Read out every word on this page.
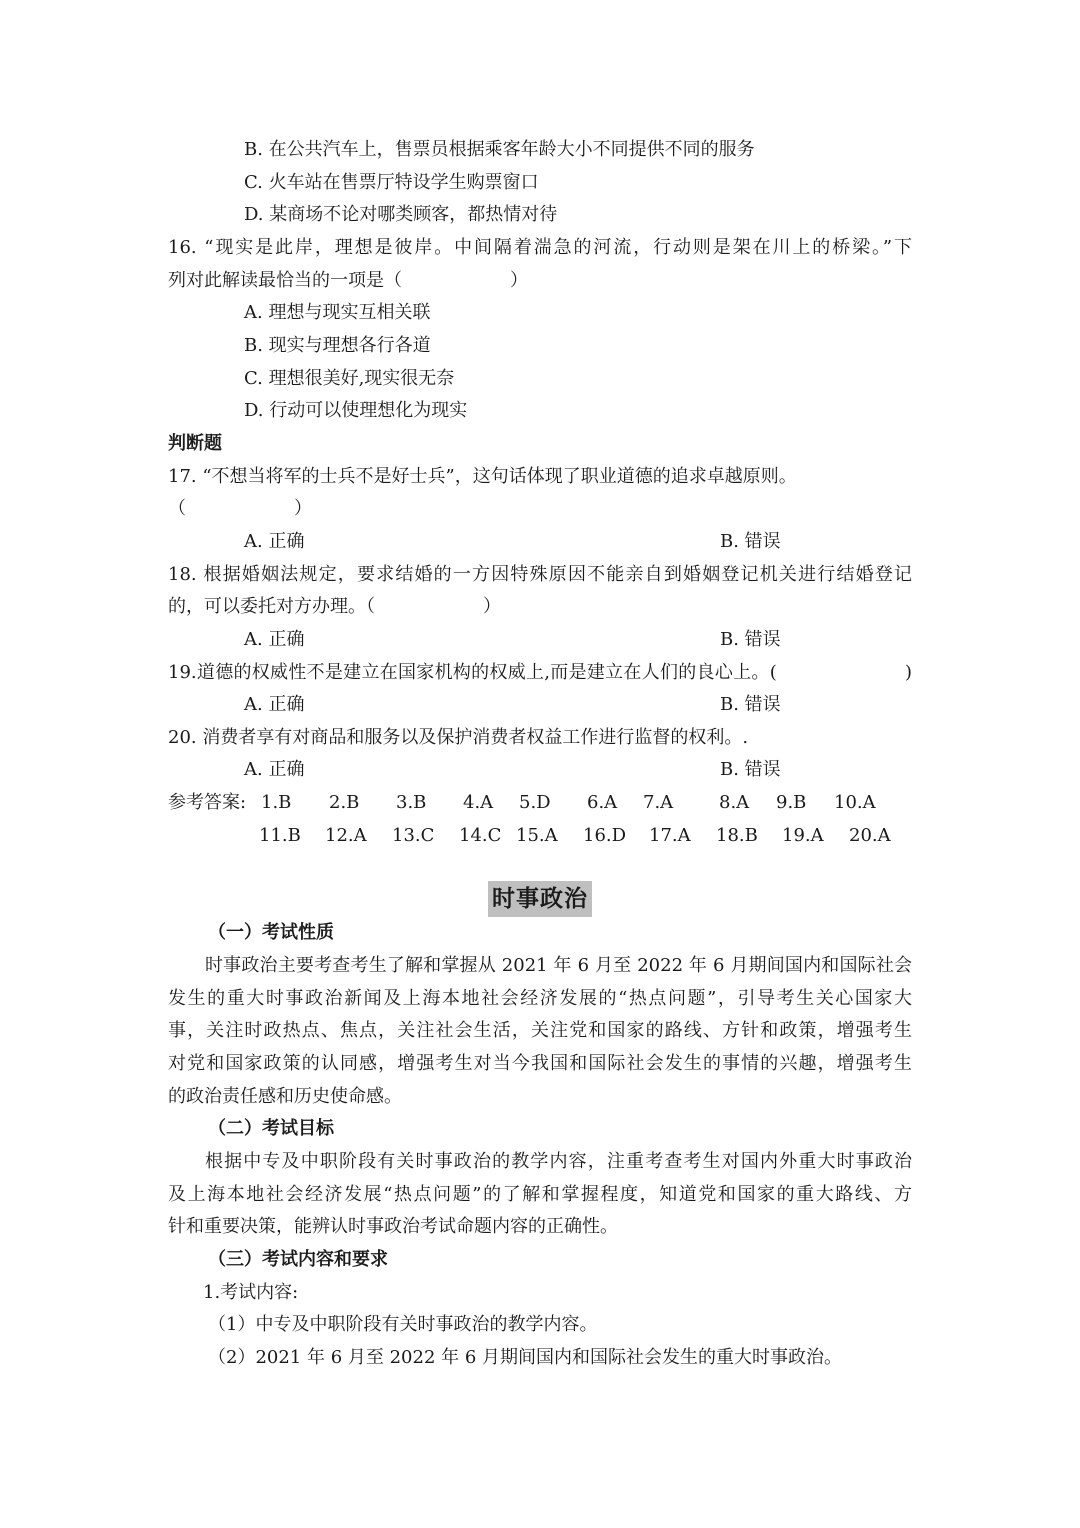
B. 在公共汽车上，售票员根据乘客年龄大小不同提供不同的服务
C. 火车站在售票厅特设学生购票窗口
D. 某商场不论对哪类顾客，都热情对待
16. “现实是此岸，理想是彼岸。中间隔着湍急的河流，行动则是架在川上的桥梁。”下
列对此解读最恰当的一项是（　　　　　　）
A. 理想与现实互相关联
B. 现实与理想各行各道
C. 理想很美好,现实很无奈
D. 行动可以使理想化为现实
判断题
17. “不想当将军的士兵不是好士兵”，这句话体现了职业道德的追求卓越原则。
（　　　　　　）
A. 正确	B. 错误
18. 根据婚姻法规定，要求结婚的一方因特殊原因不能亲自到婚姻登记机关进行结婚登记
的，可以委托对方办理。（　　　　　　）
A. 正确	B. 错误
19.道德的权威性不是建立在国家机构的权威上,而是建立在人们的良心上。(　　　　　　　)
A. 正确	B. 错误
20. 消费者享有对商品和服务以及保护消费者权益工作进行监督的权利。.
A. 正确	B. 错误
参考答案: 1.B 2.B 3.B 4.A 5.D 6.A 7.A	8.A 9.B 10.A
11.B 12.A 13.C 14.C 15.A 16.D 17.A 18.B 19.A 20.A
时事政治
（一）考试性质
时事政治主要考查考生了解和掌握从 2021 年 6 月至 2022 年 6 月期间国内和国际社会
发生的重大时事政治新闻及上海本地社会经济发展的“热点问题”，引导考生关心国家大
事，关注时政热点、焦点，关注社会生活，关注党和国家的路线、方针和政策，增强考生
对党和国家政策的认同感，增强考生对当今我国和国际社会发生的事情的兴趣，增强考生
的政治责任感和历史使命感。
（二）考试目标
根据中专及中职阶段有关时事政治的教学内容，注重考查考生对国内外重大时事政治
及上海本地社会经济发展“热点问题”的了解和掌握程度，知道党和国家的重大路线、方
针和重要决策，能辨认时事政治考试命题内容的正确性。
（三）考试内容和要求
1.考试内容:
（1）中专及中职阶段有关时事政治的教学内容。
（2）2021 年 6 月至 2022 年 6 月期间国内和国际社会发生的重大时事政治。
